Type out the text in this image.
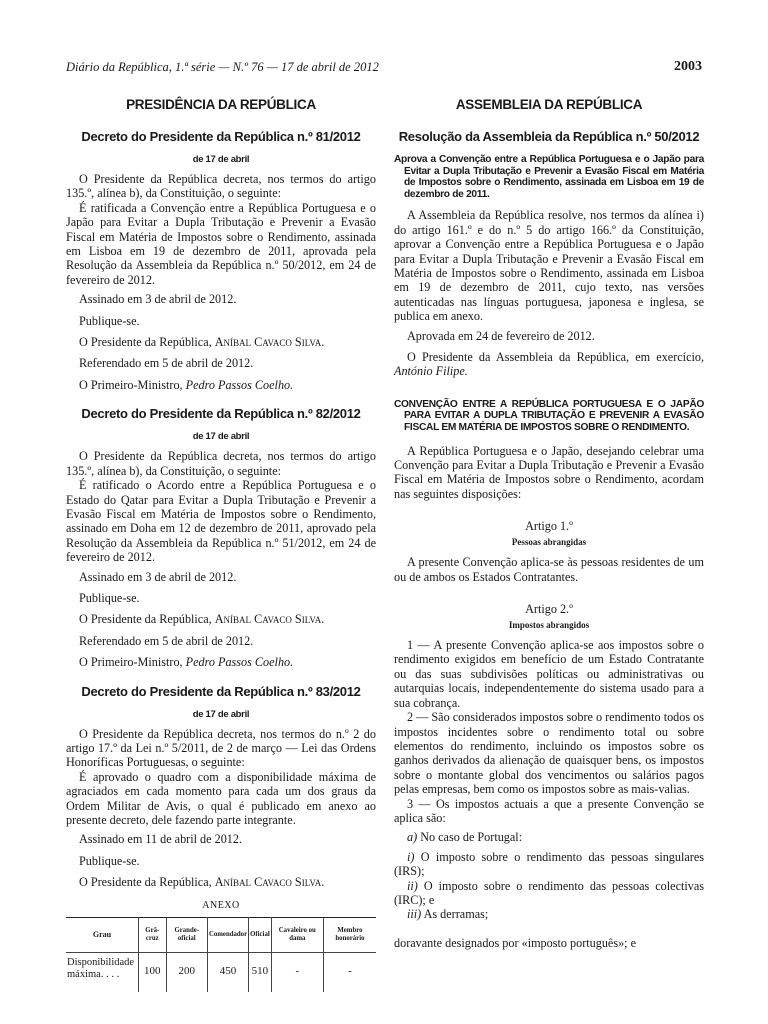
Diário da República, 1.ª série — N.º 76 — 17 de abril de 2012	2003
PRESIDÊNCIA DA REPÚBLICA
Decreto do Presidente da República n.º 81/2012
de 17 de abril

O Presidente da República decreta, nos termos do artigo 135.º, alínea b), da Constituição, o seguinte:

É ratificada a Convenção entre a República Portuguesa e o Japão para Evitar a Dupla Tributação e Prevenir a Evasão Fiscal em Matéria de Impostos sobre o Rendimento, assinada em Lisboa em 19 de dezembro de 2011, aprovada pela Resolução da Assembleia da República n.º 50/2012, em 24 de fevereiro de 2012.

Assinado em 3 de abril de 2012.

Publique-se.

O Presidente da República, Aníbal Cavaco Silva.

Referendado em 5 de abril de 2012.

O Primeiro-Ministro, Pedro Passos Coelho.

Decreto do Presidente da República n.º 82/2012
de 17 de abril

O Presidente da República decreta, nos termos do artigo 135.º, alínea b), da Constituição, o seguinte:

É ratificado o Acordo entre a República Portuguesa e o Estado do Qatar para Evitar a Dupla Tributação e Prevenir a Evasão Fiscal em Matéria de Impostos sobre o Rendimento, assinado em Doha em 12 de dezembro de 2011, aprovado pela Resolução da Assembleia da República n.º 51/2012, em 24 de fevereiro de 2012.

Assinado em 3 de abril de 2012.

Publique-se.

O Presidente da República, Aníbal Cavaco Silva.

Referendado em 5 de abril de 2012.

O Primeiro-Ministro, Pedro Passos Coelho.

Decreto do Presidente da República n.º 83/2012
de 17 de abril

O Presidente da República decreta, nos termos do n.º 2 do artigo 17.º da Lei n.º 5/2011, de 2 de março — Lei das Ordens Honoríficas Portuguesas, o seguinte:

É aprovado o quadro com a disponibilidade máxima de agraciados em cada momento para cada um dos graus da Ordem Militar de Avis, o qual é publicado em anexo ao presente decreto, dele fazendo parte integrante.

Assinado em 11 de abril de 2012.

Publique-se.

O Presidente da República, Aníbal Cavaco Silva.

ANEXO
Grau	Grã-cruz	Grande-oficial	Comendador	Oficial	Cavaleiro ou dama	Membro honorário
Disponibilidade máxima. . . .	100	200	450	510	-	-
ASSEMBLEIA DA REPÚBLICA
Resolução da Assembleia da República n.º 50/2012
Aprova a Convenção entre a República Portuguesa e o Japão para Evitar a Dupla Tributação e Prevenir a Evasão Fiscal em Matéria de Impostos sobre o Rendimento, assinada em Lisboa em 19 de dezembro de 2011.

A Assembleia da República resolve, nos termos da alínea i) do artigo 161.º e do n.º 5 do artigo 166.º da Constituição, aprovar a Convenção entre a República Portuguesa e o Japão para Evitar a Dupla Tributação e Prevenir a Evasão Fiscal em Matéria de Impostos sobre o Rendimento, assinada em Lisboa em 19 de dezembro de 2011, cujo texto, nas versões autenticadas nas línguas portuguesa, japonesa e inglesa, se publica em anexo.

Aprovada em 24 de fevereiro de 2012.

O Presidente da Assembleia da República, em exercício, António Filipe.

CONVENÇÃO ENTRE A REPÚBLICA PORTUGUESA E O JAPÃO PARA EVITAR A DUPLA TRIBUTAÇÃO E PREVENIR A EVASÃO FISCAL EM MATÉRIA DE IMPOSTOS SOBRE O RENDIMENTO.

A República Portuguesa e o Japão, desejando celebrar uma Convenção para Evitar a Dupla Tributação e Prevenir a Evasão Fiscal em Matéria de Impostos sobre o Rendimento, acordam nas seguintes disposições:

Artigo 1.º
Pessoas abrangidas

A presente Convenção aplica-se às pessoas residentes de um ou de ambos os Estados Contratantes.

Artigo 2.º
Impostos abrangidos

1 — A presente Convenção aplica-se aos impostos sobre o rendimento exigidos em benefício de um Estado Contratante ou das suas subdivisões políticas ou administrativas ou autarquias locais, independentemente do sistema usado para a sua cobrança.

2 — São considerados impostos sobre o rendimento todos os impostos incidentes sobre o rendimento total ou sobre elementos do rendimento, incluindo os impostos sobre os ganhos derivados da alienação de quaisquer bens, os impostos sobre o montante global dos vencimentos ou salários pagos pelas empresas, bem como os impostos sobre as mais-valias.

3 — Os impostos actuais a que a presente Convenção se aplica são:

a) No caso de Portugal:

i) O imposto sobre o rendimento das pessoas singulares (IRS);

ii) O imposto sobre o rendimento das pessoas colectivas (IRC); e

iii) As derramas;

doravante designados por «imposto português»; e
